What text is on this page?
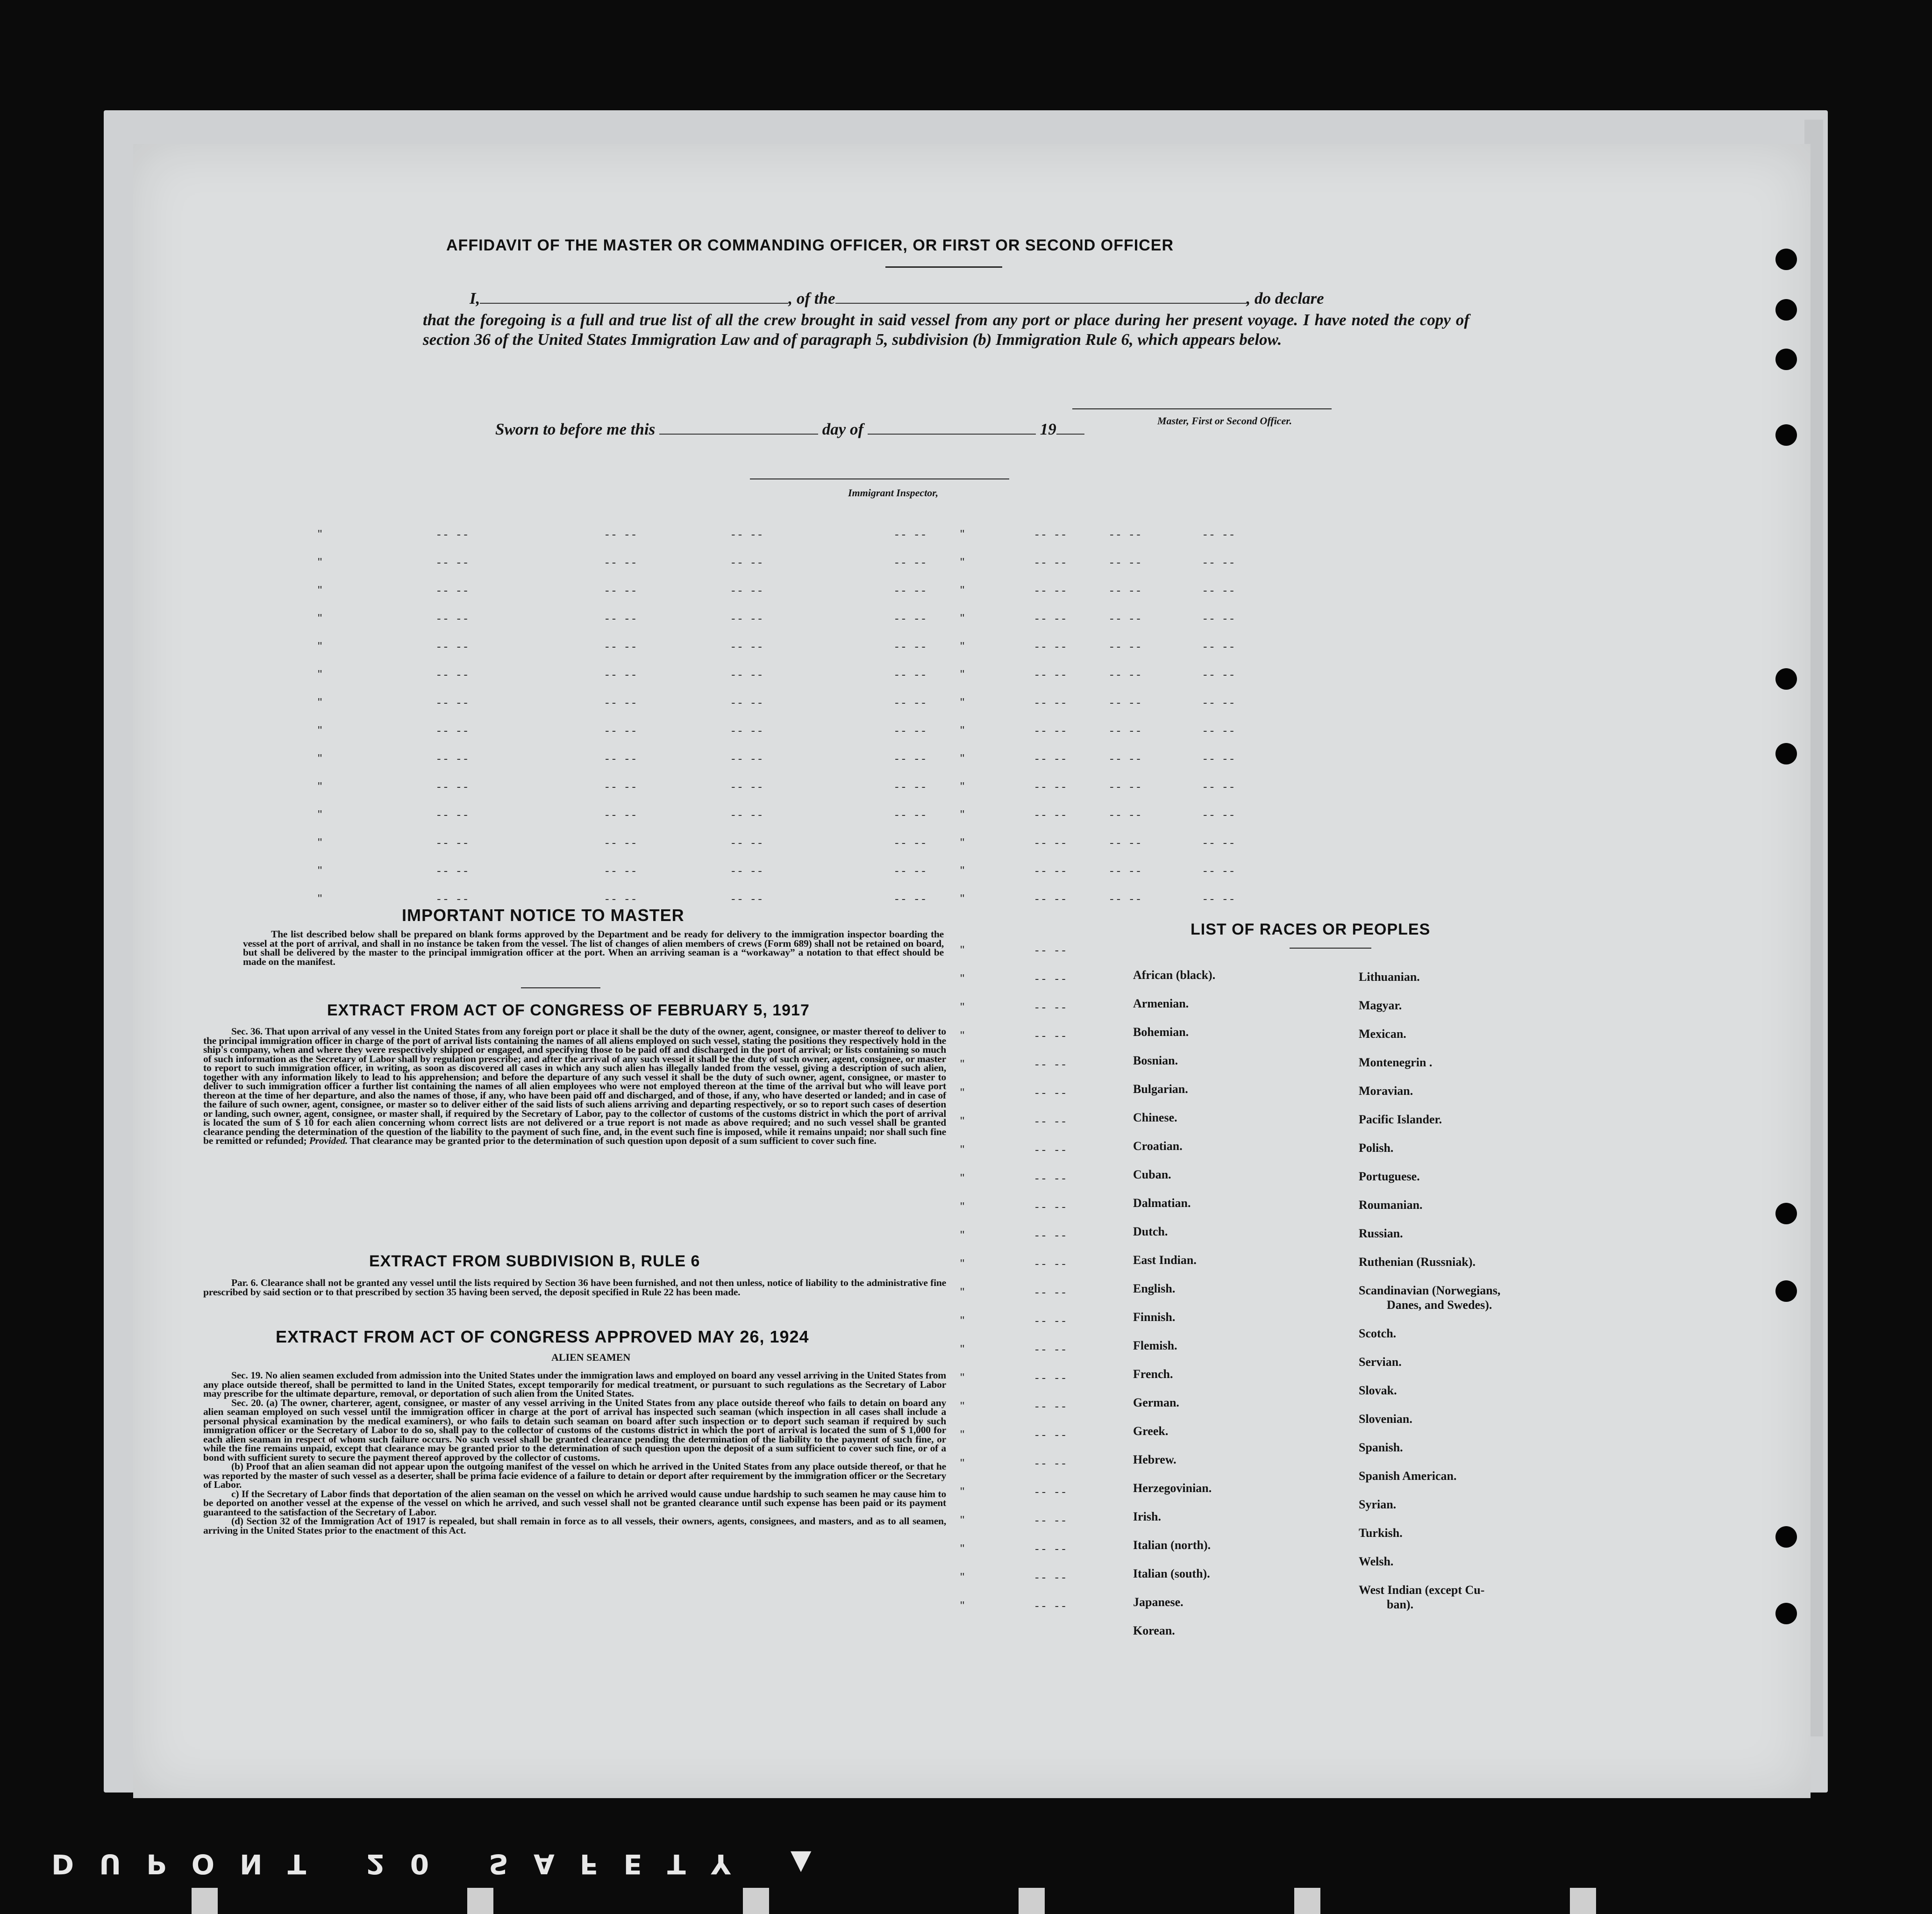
AFFIDAVIT OF THE MASTER OR COMMANDING OFFICER, OR FIRST OR SECOND OFFICER
I,	, of the	, do declare
that the foregoing is a full and true list of all the crew brought in said vessel from any port or place during her present voyage. I have noted the copy of section 36 of the United States Immigration Law and of paragraph 5, subdivision (b) Immigration Rule 6, which appears below.
Master, First or Second Officer.
Sworn to before me this	day of	19
Immigrant Inspector,
"	-- --	-- --	-- --	-- --	"	-- --	-- --	-- --
"	-- --	-- --	-- --	-- --	"	-- --	-- --	-- --
"	-- --	-- --	-- --	-- --	"	-- --	-- --	-- --
"	-- --	-- --	-- --	-- --	"	-- --	-- --	-- --
"	-- --	-- --	-- --	-- --	"	-- --	-- --	-- --
"	-- --	-- --	-- --	-- --	"	-- --	-- --	-- --
"	-- --	-- --	-- --	-- --	"	-- --	-- --	-- --
"	-- --	-- --	-- --	-- --	"	-- --	-- --	-- --
"	-- --	-- --	-- --	-- --	"	-- --	-- --	-- --
"	-- --	-- --	-- --	-- --	"	-- --	-- --	-- --
"	-- --	-- --	-- --	-- --	"	-- --	-- --	-- --
"	-- --	-- --	-- --	-- --	"	-- --	-- --	-- --
"	-- --	-- --	-- --	-- --	"	-- --	-- --	-- --
"	-- --	-- --	-- --	-- --	"	-- --	-- --	-- --
"	-- --
"	-- --
"	-- --
"	-- --
"	-- --
"	-- --
"	-- --
"	-- --
"	-- --
"	-- --
"	-- --
"	-- --
"	-- --
"	-- --
"	-- --
"	-- --
"	-- --
"	-- --
"	-- --
"	-- --
"	-- --
"	-- --
"	-- --
"	-- --
IMPORTANT NOTICE TO MASTER
The list described below shall be prepared on blank forms approved by the Department and be ready for delivery to the immigration inspector boarding the vessel at the port of arrival, and shall in no instance be taken from the vessel. The list of changes of alien members of crews (Form 689) shall not be retained on board, but shall be delivered by the master to the principal immigration officer at the port. When an arriving seaman is a “workaway” a notation to that effect should be made on the manifest.
EXTRACT FROM ACT OF CONGRESS OF FEBRUARY 5, 1917
Sec. 36. That upon arrival of any vessel in the United States from any foreign port or place it shall be the duty of the owner, agent, consignee, or master thereof to deliver to the principal immigration officer in charge of the port of arrival lists containing the names of all aliens employed on such vessel, stating the positions they respectively hold in the ship's company, when and where they were respectively shipped or engaged, and specifying those to be paid off and discharged in the port of arrival; or lists containing so much of such information as the Secretary of Labor shall by regulation prescribe; and after the arrival of any such vessel it shall be the duty of such owner, agent, consignee, or master to report to such immigration officer, in writing, as soon as discovered all cases in which any such alien has illegally landed from the vessel, giving a description of such alien, together with any information likely to lead to his apprehension; and before the departure of any such vessel it shall be the duty of such owner, agent, consignee, or master to deliver to such immigration officer a further list containing the names of all alien employees who were not employed thereon at the time of the arrival but who will leave port thereon at the time of her departure, and also the names of those, if any, who have been paid off and discharged, and of those, if any, who have deserted or landed; and in case of the failure of such owner, agent, consignee, or master so to deliver either of the said lists of such aliens arriving and departing respectively, or so to report such cases of desertion or landing, such owner, agent, consignee, or master shall, if required by the Secretary of Labor, pay to the collector of customs of the customs district in which the port of arrival is located the sum of $ 10 for each alien concerning whom correct lists are not delivered or a true report is not made as above required; and no such vessel shall be granted clearance pending the determination of the question of the liability to the payment of such fine, and, in the event such fine is imposed, while it remains unpaid; nor shall such fine be remitted or refunded; Provided. That clearance may be granted prior to the determination of such question upon deposit of a sum sufficient to cover such fine.
EXTRACT FROM SUBDIVISION B, RULE 6
Par. 6. Clearance shall not be granted any vessel until the lists required by Section 36 have been furnished, and not then unless, notice of liability to the administrative fine prescribed by said section or to that prescribed by section 35 having been served, the deposit specified in Rule 22 has been made.
EXTRACT FROM ACT OF CONGRESS APPROVED MAY 26, 1924
ALIEN SEAMEN
Sec. 19. No alien seamen excluded from admission into the United States under the immigration laws and employed on board any vessel arriving in the United States from any place outside thereof, shall be permitted to land in the United States, except temporarily for medical treatment, or pursuant to such regulations as the Secretary of Labor may prescribe for the ultimate departure, removal, or deportation of such alien from the United States.
Sec. 20. (a) The owner, charterer, agent, consignee, or master of any vessel arriving in the United States from any place outside thereof who fails to detain on board any alien seaman employed on such vessel until the immigration officer in charge at the port of arrival has inspected such seaman (which inspection in all cases shall include a personal physical examination by the medical examiners), or who fails to detain such seaman on board after such inspection or to deport such seaman if required by such immigration officer or the Secretary of Labor to do so, shall pay to the collector of customs of the customs district in which the port of arrival is located the sum of $ 1,000 for each alien seaman in respect of whom such failure occurs. No such vessel shall be granted clearance pending the determination of the liability to the payment of such fine, or while the fine remains unpaid, except that clearance may be granted prior to the determination of such question upon the deposit of a sum sufficient to cover such fine, or of a bond with sufficient surety to secure the payment thereof approved by the collector of customs.
(b) Proof that an alien seaman did not appear upon the outgoing manifest of the vessel on which he arrived in the United States from any place outside thereof, or that he was reported by the master of such vessel as a deserter, shall be prima facie evidence of a failure to detain or deport after requirement by the immigration officer or the Secretary of Labor.
c) If the Secretary of Labor finds that deportation of the alien seaman on the vessel on which he arrived would cause undue hardship to such seamen he may cause him to be deported on another vessel at the expense of the vessel on which he arrived, and such vessel shall not be granted clearance until such expense has been paid or its payment guaranteed to the satisfaction of the Secretary of Labor.
(d) Section 32 of the Immigration Act of 1917 is repealed, but shall remain in force as to all vessels, their owners, agents, consignees, and masters, and as to all seamen, arriving in the United States prior to the enactment of this Act.
LIST OF RACES OR PEOPLES
African (black).
Armenian.
Bohemian.
Bosnian.
Bulgarian.
Chinese.
Croatian.
Cuban.
Dalmatian.
Dutch.
East Indian.
English.
Finnish.
Flemish.
French.
German.
Greek.
Hebrew.
Herzegovinian.
Irish.
Italian (north).
Italian (south).
Japanese.
Korean.
Lithuanian.
Magyar.
Mexican.
Montenegrin .
Moravian.
Pacific Islander.
Polish.
Portuguese.
Roumanian.
Russian.
Ruthenian (Russniak).
Scandinavian (Norwegians,
Danes, and Swedes).
Scotch.
Servian.
Slovak.
Slovenian.
Spanish.
Spanish American.
Syrian.
Turkish.
Welsh.
West Indian (except Cu-
ban).
DUPONT 20 SAFETY ▲
